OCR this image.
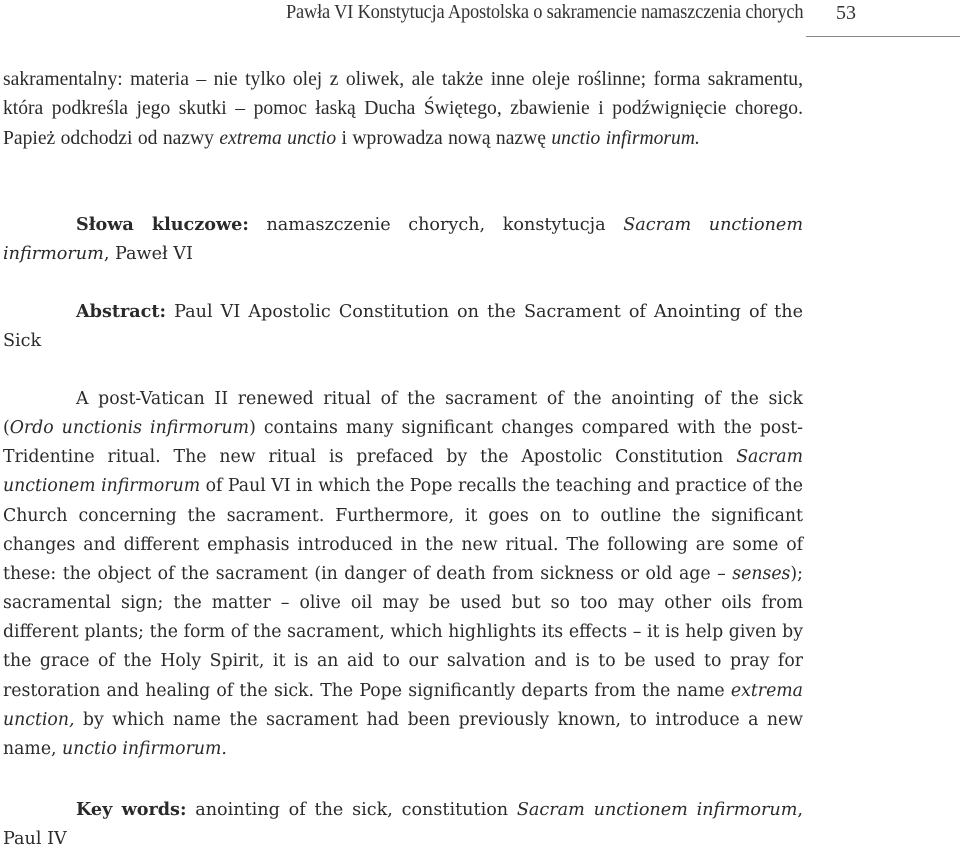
Pawła VI Konstytucja Apostolska o sakramencie namaszczenia chorych 53

sakramentalny: materia – nie tylko olej z oliwek, ale także inne oleje roślinne; forma sakramentu, która podkreśla jego skutki – pomoc łaską Ducha Świętego, zbawienie i podźwignięcie chorego. Papież odchodzi od nazwy extrema unctio i wprowadza nową nazwę unctio infirmorum.

Słowa kluczowe: namaszczenie chorych, konstytucja Sacram unctionem infirmorum, Paweł VI

Abstract: Paul VI Apostolic Constitution on the Sacrament of Anointing of the Sick

A post-Vatican II renewed ritual of the sacrament of the anointing of the sick (Ordo unctionis infirmorum) contains many significant changes compared with the post-Tridentine ritual. The new ritual is prefaced by the Apostolic Constitution Sacram unctionem infirmorum of Paul VI in which the Pope recalls the teaching and practice of the Church concerning the sacrament. Furthermore, it goes on to outline the significant changes and different emphasis introduced in the new ritual. The following are some of these: the object of the sacrament (in danger of death from sickness or old age – senses); sacramental sign; the matter – olive oil may be used but so too may other oils from different plants; the form of the sacrament, which highlights its effects – it is help given by the grace of the Holy Spirit, it is an aid to our salvation and is to be used to pray for restoration and healing of the sick. The Pope significantly departs from the name extrema unction, by which name the sacrament had been previously known, to introduce a new name, unctio infirmorum.

Key words: anointing of the sick, constitution Sacram unctionem infirmorum, Paul IV
